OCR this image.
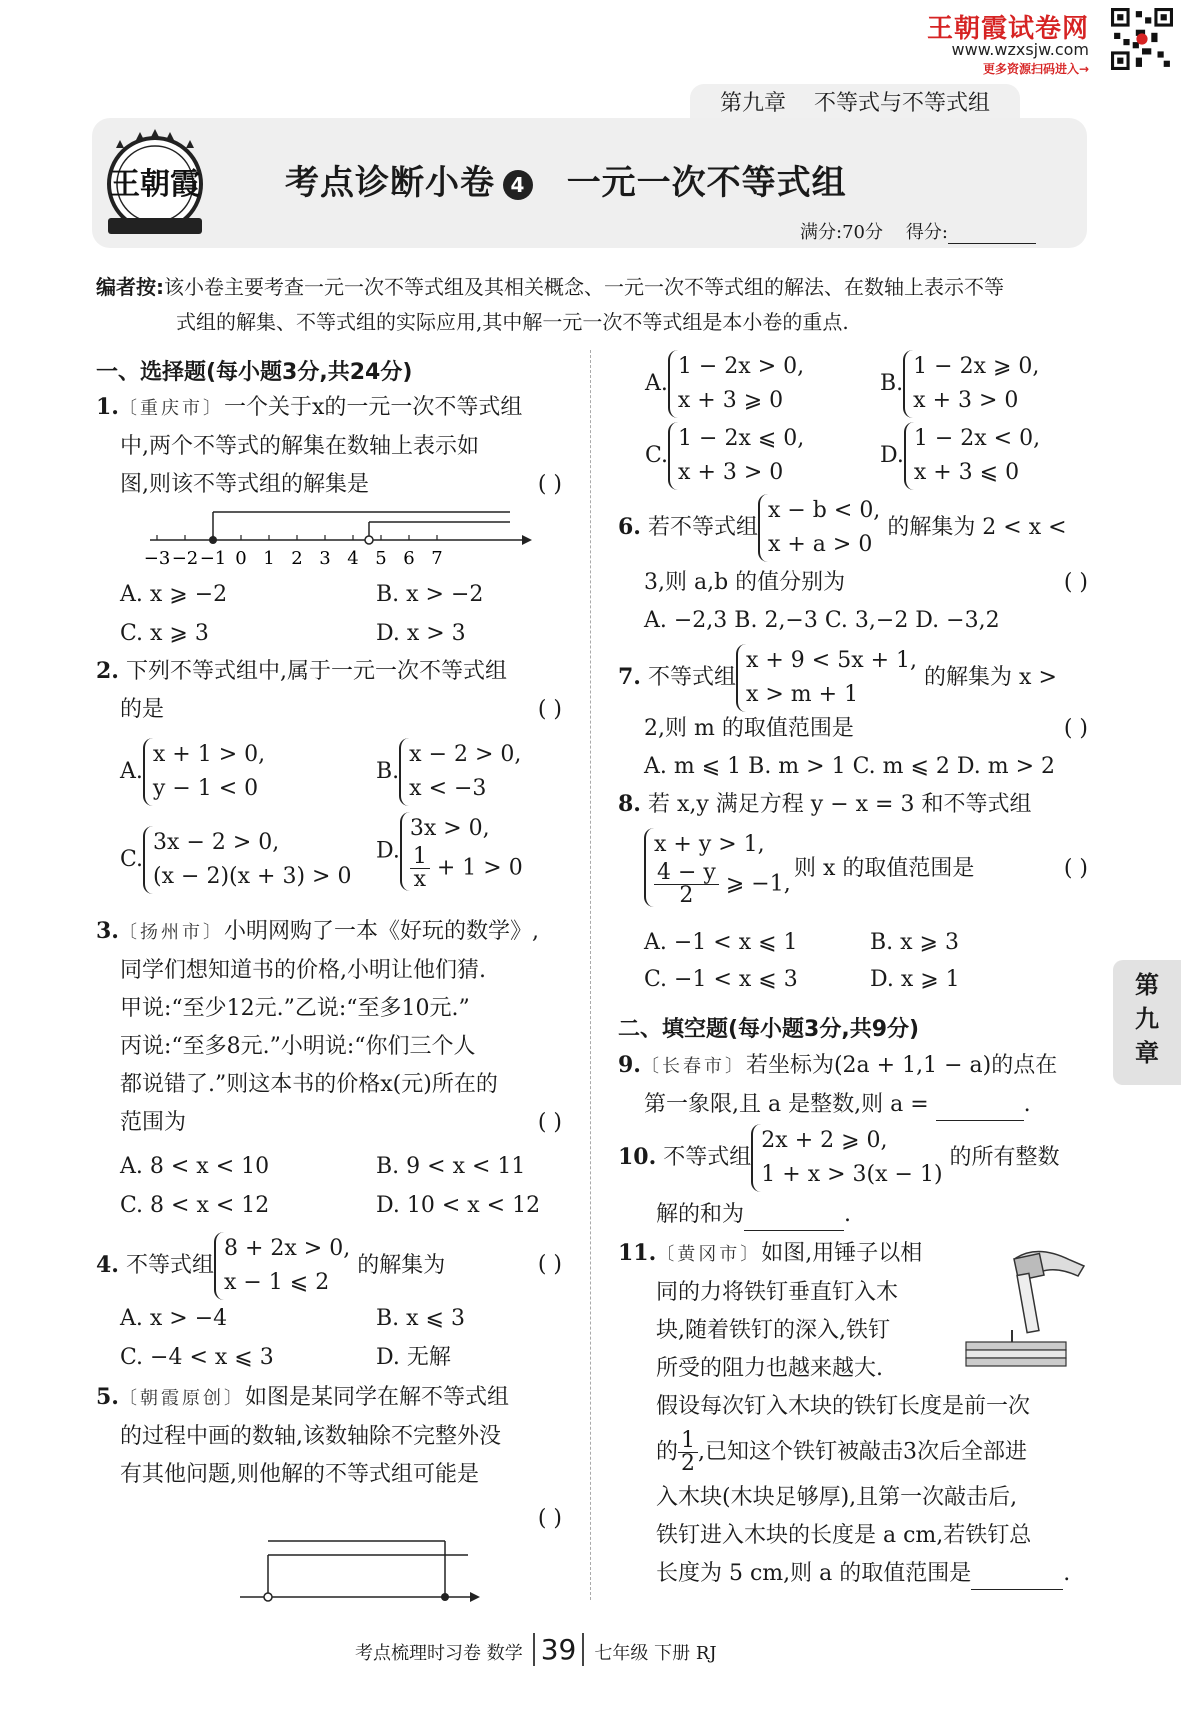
王朝霞试卷网
www.wzxsjw.com
更多资源扫码进入→
第九章 不等式与不等式组
王朝霞	考点诊断小卷 4 一元一次不等式组
满分:70分 得分:
编者按:该小卷主要考查一元一次不等式组及其相关概念、一元一次不等式组的解法、在数轴上表示不等
式组的解集、不等式组的实际应用,其中解一元一次不等式组是本小卷的重点.
一、选择题(每小题3分,共24分)
1.〔重庆市〕一个关于x的一元一次不等式组
中,两个不等式的解集在数轴上表示如
图,则该不等式组的解集是	( )
−3 −2 −1 0 1 2 3 4 5 6 7
A. x ⩾ −2	B. x > −2
C. x ⩾ 3	D. x > 3
2. 下列不等式组中,属于一元一次不等式组
的是	( )
A.x + 1 > 0,
y − 1 < 0
B.x − 2 > 0,
x < −3
C.3x − 2 > 0,
(x − 2)(x + 3) > 0
D.3x > 0,

$\frac{1}{x} + 1 > 0$
3.〔扬州市〕小明网购了一本《好玩的数学》,
同学们想知道书的价格,小明让他们猜.
甲说:“至少12元.”乙说:“至多10元.”
丙说:“至多8元.”小明说:“你们三个人
都说错了.”则这本书的价格x(元)所在的
范围为	( )
A. 8 < x < 10	B. 9 < x < 11
C. 8 < x < 12	D. 10 < x < 12
4. 不等式组8 + 2x > 0,
x − 1 ⩽ 2 的解集为	( )
A. x > −4	B. x ⩽ 3
C. −4 < x ⩽ 3	D. 无解
5.〔朝霞原创〕如图是某同学在解不等式组
的过程中画的数轴,该数轴除不完整外没
有其他问题,则他解的不等式组可能是
( )
A.1 − 2x > 0,
x + 3 ⩾ 0
B.1 − 2x ⩾ 0,
x + 3 > 0
C.1 − 2x ⩽ 0,
x + 3 > 0
D.1 − 2x < 0,
x + 3 ⩽ 0
6. 若不等式组x − b < 0,
x + a > 0 的解集为 2 < x <
3,则 a,b 的值分别为	( )
A. −2,3 B. 2,−3 C. 3,−2 D. −3,2
7. 不等式组x + 9 < 5x + 1,
x > m + 1 的解集为 x >
2,则 m 的取值范围是	( )
A. m ⩽ 1 B. m > 1 C. m ⩽ 2 D. m > 2
8. 若 x,y 满足方程 y − x = 3 和不等式组
x + y > 1,

$\frac{4 - y}{2}$ ⩾ −1,
则 x 的取值范围是	( )
A. −1 < x ⩽ 1	B. x ⩾ 3
C. −1 < x ⩽ 3	D. x ⩾ 1
二、填空题(每小题3分,共9分)
9.〔长春市〕若坐标为(2a + 1,1 − a)的点在
第一象限,且 a 是整数,则 a =	.
10. 不等式组2x + 2 ⩾ 0,
1 + x > 3(x − 1) 的所有整数
解的和为	.
11.〔黄冈市〕如图,用锤子以相
同的力将铁钉垂直钉入木
块,随着铁钉的深入,铁钉
所受的阻力也越来越大.
假设每次钉入木块的铁钉长度是前一次
的 $\frac{1}{2}$ ,已知这个铁钉被敲击3次后全部进
入木块(木块足够厚),且第一次敲击后,
铁钉进入木块的长度是 a cm,若铁钉总
长度为 5 cm,则 a 的取值范围是	.
第
九
章
考点梳理时习卷 数学 39 七年级 下册 RJ
